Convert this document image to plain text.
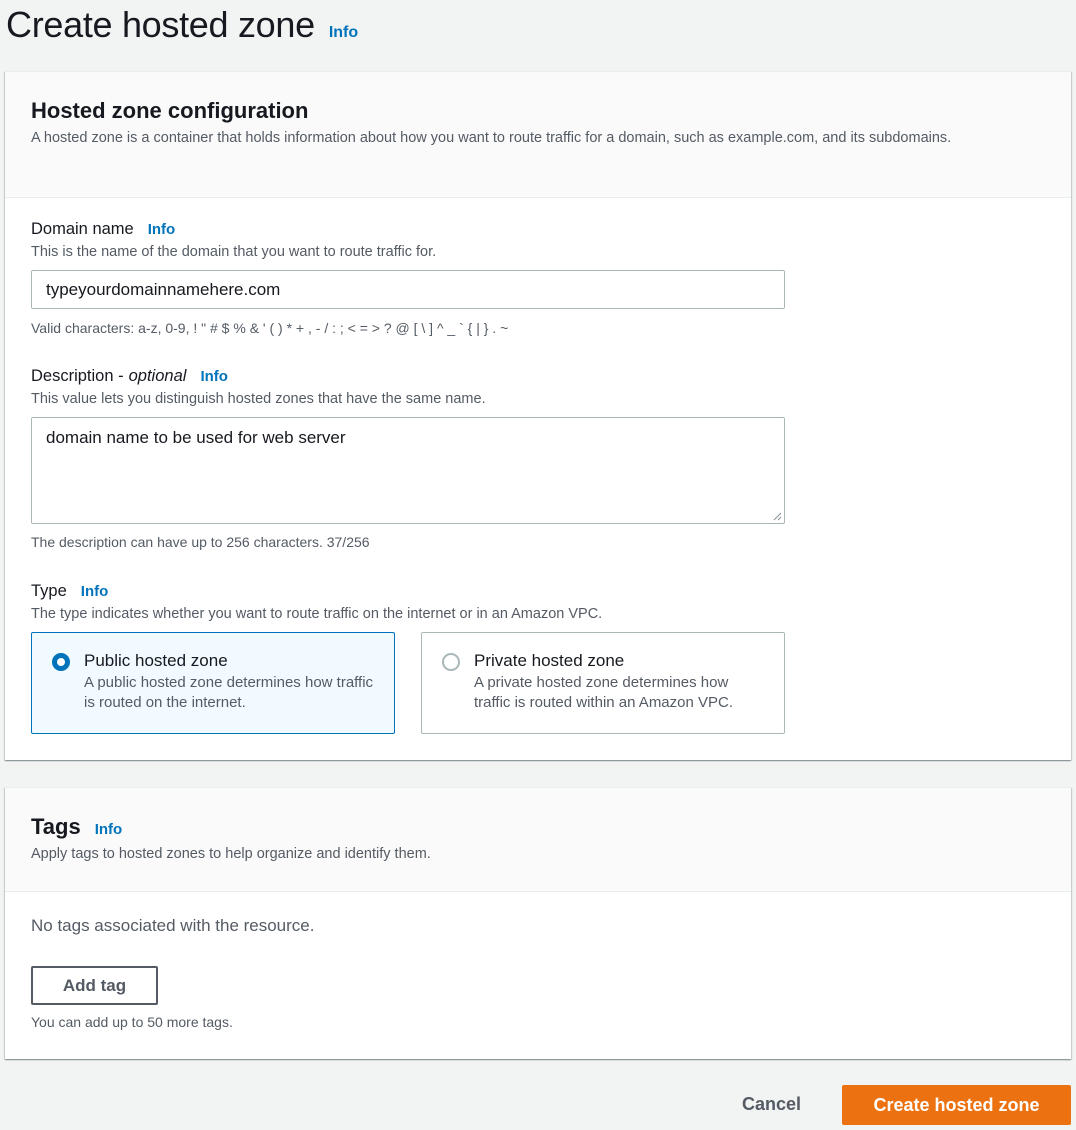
Create hosted zone Info
Hosted zone configuration

A hosted zone is a container that holds information about how you want to route traffic for a domain, such as example.com, and its subdomains.

Domain name Info
This is the name of the domain that you want to route traffic for.
typeyourdomainnamehere.com
Valid characters: a-z, 0-9, ! " # $ % & ' ( ) * + , - / : ; < = > ? @ [ \ ] ^ _ ` { | } . ~
Description - optional Info
This value lets you distinguish hosted zones that have the same name.
domain name to be used for web server
The description can have up to 256 characters. 37/256
Type Info
The type indicates whether you want to route traffic on the internet or in an Amazon VPC.
Public hosted zone
A public hosted zone determines how traffic is routed on the internet.
Private hosted zone
A private hosted zone determines how traffic is routed within an Amazon VPC.
Tags Info

Apply tags to hosted zones to help organize and identify them.

No tags associated with the resource.
Add tag
You can add up to 50 more tags.
Cancel	Create hosted zone
